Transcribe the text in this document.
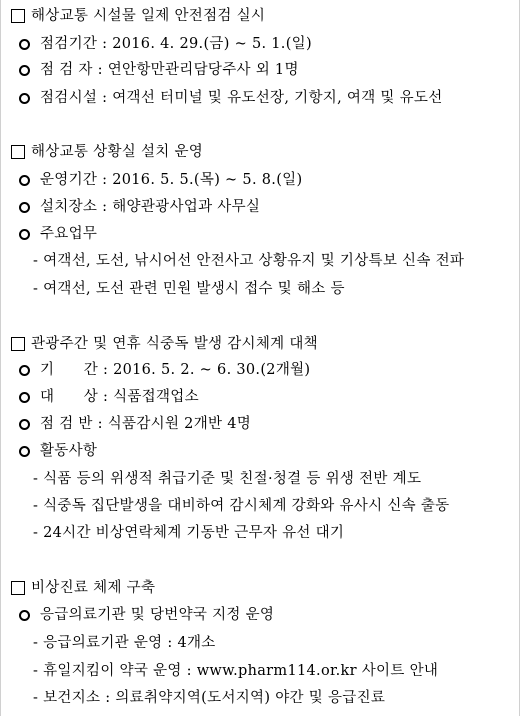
해상교통 시설물 일제 안전점검 실시
점검기간 : 2016. 4. 29.(금) ~ 5. 1.(일)
점 검 자 : 연안항만관리담당주사 외 1명
점검시설 : 여객선 터미널 및 유도선장, 기항지, 여객 및 유도선
해상교통 상황실 설치 운영
운영기간 : 2016. 5. 5.(목) ~ 5. 8.(일)
설치장소 : 해양관광사업과 사무실
주요업무
- 여객선, 도선, 낚시어선 안전사고 상황유지 및 기상특보 신속 전파
- 여객선, 도선 관련 민원 발생시 접수 및 해소 등
관광주간 및 연휴 식중독 발생 감시체계 대책
기      간 : 2016. 5. 2. ~ 6. 30.(2개월)
대      상 : 식품접객업소
점 검 반 : 식품감시원 2개반 4명
활동사항
- 식품 등의 위생적 취급기준 및 친절·청결 등 위생 전반 계도
- 식중독 집단발생을 대비하여 감시체계 강화와 유사시 신속 출동
- 24시간 비상연락체계 기동반 근무자 유선 대기
비상진료 체제 구축
응급의료기관 및 당번약국 지정 운영
- 응급의료기관 운영 : 4개소
- 휴일지킴이 약국 운영 : www.pharm114.or.kr 사이트 안내
- 보건지소 : 의료취약지역(도서지역) 야간 및 응급진료
